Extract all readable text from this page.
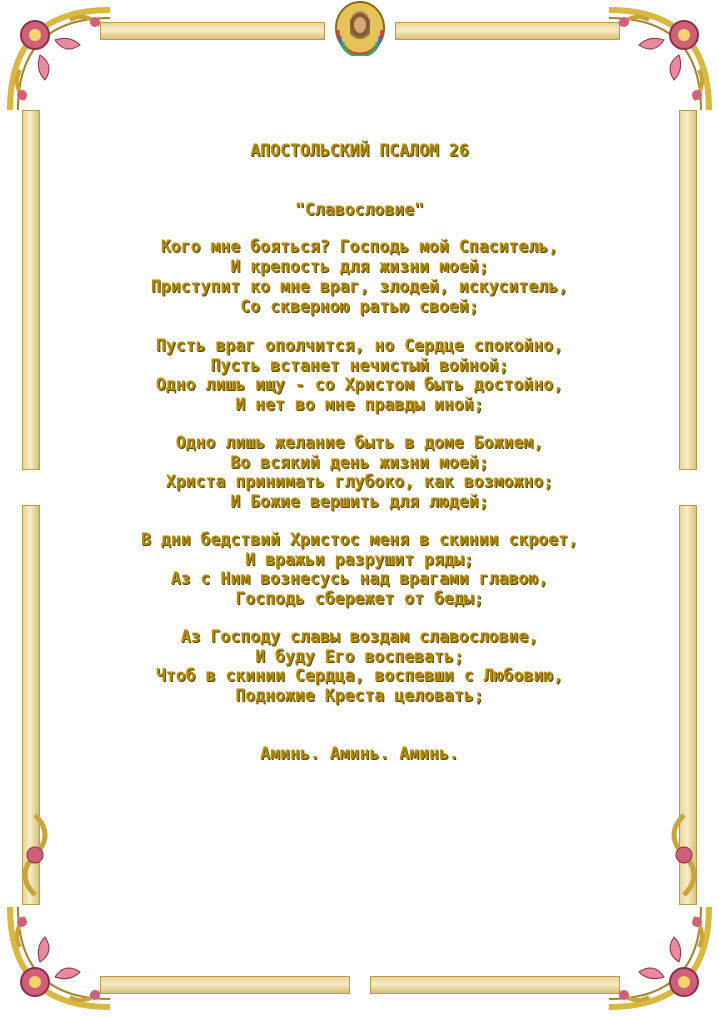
АПОСТОЛЬСКИЙ ПСАЛОМ 26
"Славословие"
Кого мне бояться? Господь мой Спаситель,
И крепость для жизни моей;
Приступит ко мне враг, злодей, искуситель,
Со скверною ратью своей;
Пусть враг ополчится, но Сердце спокойно,
Пусть встанет нечистый войной;
Одно лишь ищу - со Христом быть достойно,
И нет во мне правды иной;
Одно лишь желание быть в доме Божием,
Во всякий день жизни моей;
Христа принимать глубоко, как возможно;
И Божие вершить для людей;
В дни бедствий Христос меня в скинии скроет,
И вражьи разрушит ряды;
Аз с Ним вознесусь над врагами главою,
Господь сбережет от беды;
Аз Господу славы воздам славословие,
И буду Его воспевать;
Чтоб в скинии Сердца, воспевши с Любовию,
Подножие Креста целовать;
Аминь. Аминь. Аминь.
